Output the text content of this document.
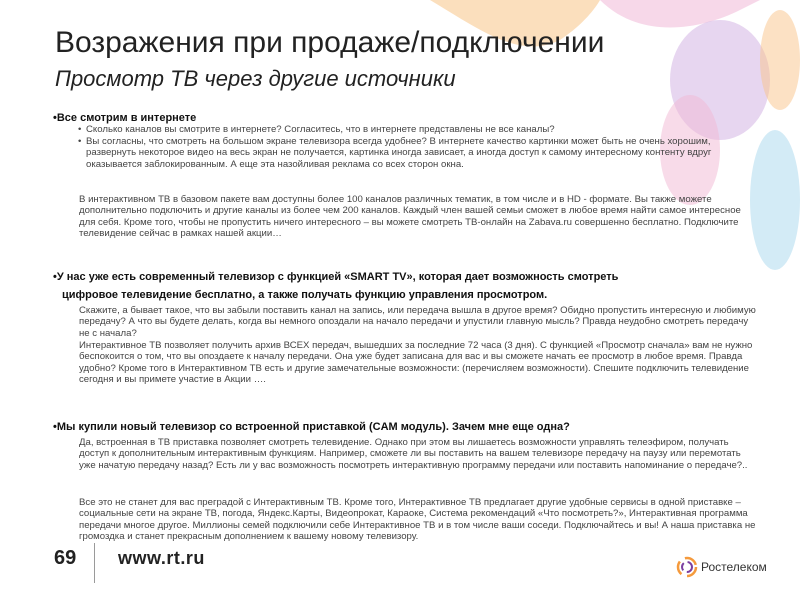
Возражения при продаже/подключении
Просмотр ТВ через другие источники
•Все смотрим в интернете
• Сколько каналов вы смотрите в интернете? Согласитесь, что в интернете представлены не все каналы?
• Вы согласны, что смотреть на большом экране телевизора всегда удобнее? В интернете качество картинки может быть не очень хорошим, развернуть некоторое видео на весь экран не получается, картинка иногда зависает, а иногда доступ к самому интересному контенту вдруг оказывается заблокированным. А еще эта назойливая реклама со всех сторон окна.
В интерактивном ТВ в базовом пакете вам доступны более 100 каналов различных тематик, в том числе и в HD - формате. Вы также можете дополнительно подключить и другие каналы из более чем 200 каналов. Каждый член вашей семьи сможет в любое время найти самое интересное для себя. Кроме того, чтобы не пропустить ничего интересного – вы можете смотреть ТВ-онлайн на Zabava.ru совершенно бесплатно. Подключите телевидение сейчас в рамках нашей акции…
•У нас уже есть современный телевизор с функцией «SMART TV», которая дает возможность смотреть
цифровое телевидение бесплатно, а также получать функцию управления просмотром.
Скажите, а бывает такое, что вы забыли поставить канал на запись, или передача вышла в другое время? Обидно пропустить интересную и любимую передачу? А что вы будете делать, когда вы немного опоздали на начало передачи и упустили главную мысль? Правда неудобно смотреть передачу не с начала?
Интерактивное ТВ позволяет получить архив ВСЕХ передач, вышедших за последние 72 часа (3 дня). С функцией «Просмотр сначала» вам не нужно беспокоится о том, что вы опоздаете к началу передачи. Она уже будет записана для вас и вы сможете начать ее просмотр в любое время. Правда удобно? Кроме того в Интерактивном ТВ есть и другие замечательные возможности: (перечисляем возможности). Спешите подключить телевидение сегодня и вы примете участие в Акции ….
•Мы купили новый телевизор со встроенной приставкой (CAM модуль). Зачем мне еще одна?
Да, встроенная в ТВ приставка позволяет смотреть телевидение. Однако при этом вы лишаетесь возможности управлять телеэфиром, получать доступ к дополнительным интерактивным функциям. Например, сможете ли вы поставить на вашем телевизоре передачу на паузу или перемотать уже начатую передачу назад? Есть ли у вас возможность посмотреть интерактивную программу передачи или поставить напоминание о передаче?..
Все это не станет для вас преградой с Интерактивным ТВ. Кроме того, Интерактивное ТВ предлагает другие удобные сервисы в одной приставке – социальные сети на экране ТВ, погода, Яндекс.Карты, Видеопрокат, Караоке, Система рекомендаций «Что посмотреть?», Интерактивная программа передачи многое другое. Миллионы семей подключили себе Интерактивное ТВ и в том числе ваши соседи. Подключайтесь и вы! А наша приставка не громоздка и станет прекрасным дополнением к вашему новому телевизору.
69 www.rt.ru	Ростелеком
